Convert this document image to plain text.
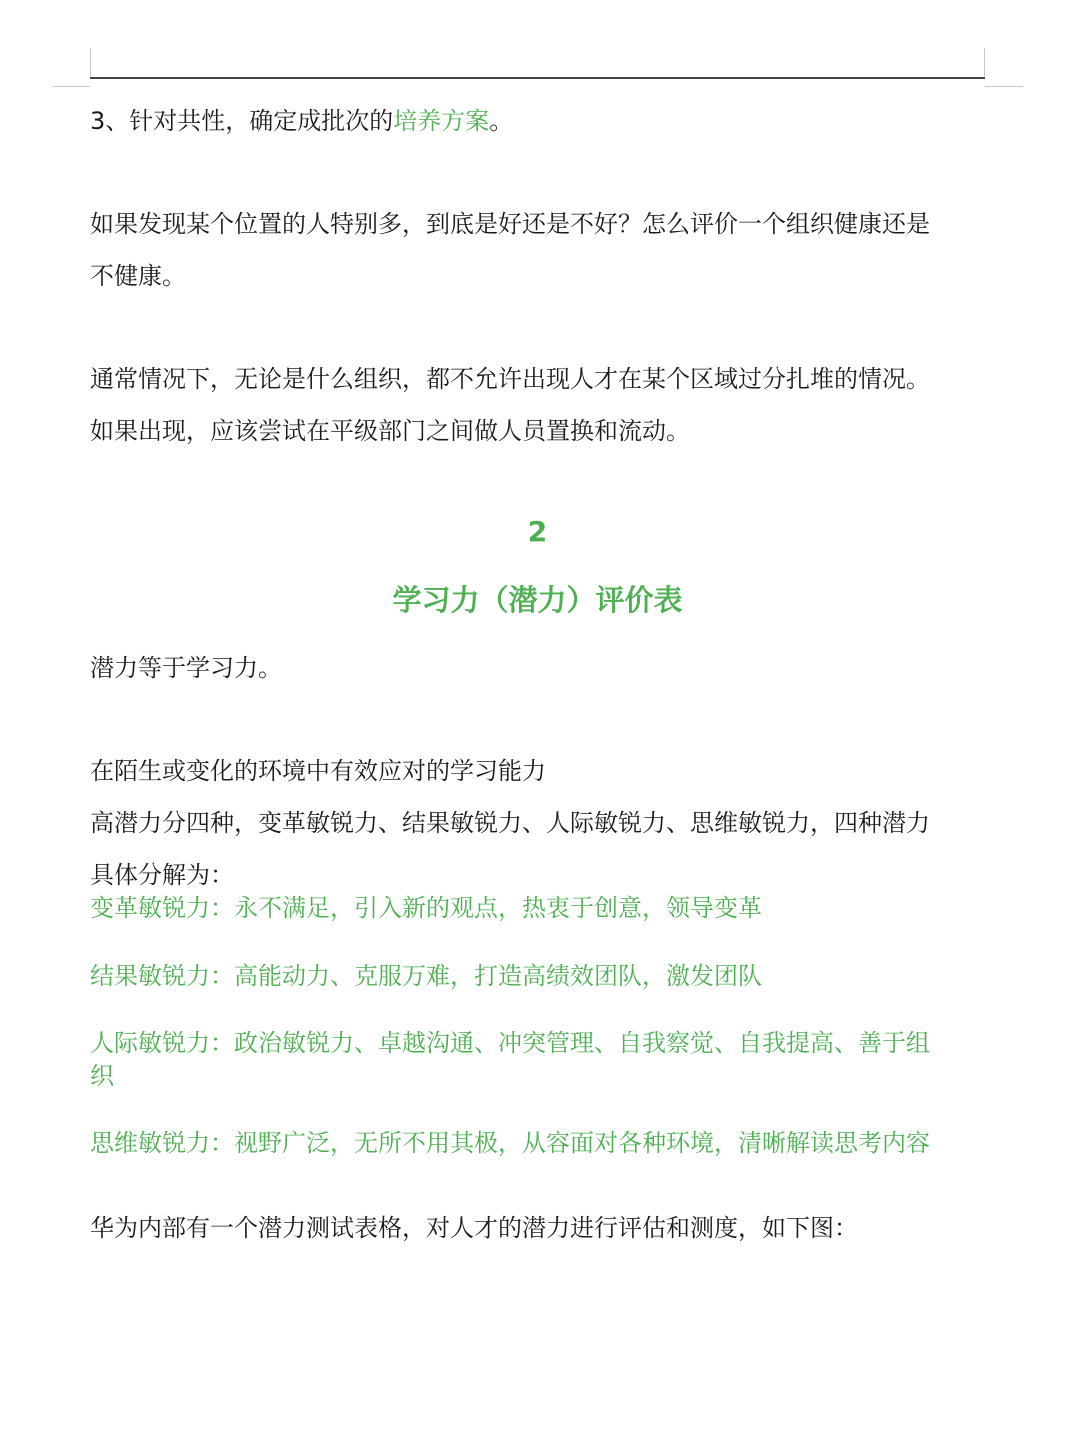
3、针对共性，确定成批次的培养方案。
如果发现某个位置的人特别多，到底是好还是不好？怎么评价一个组织健康还是
不健康。
通常情况下，无论是什么组织，都不允许出现人才在某个区域过分扎堆的情况。
如果出现，应该尝试在平级部门之间做人员置换和流动。
2
学习力（潜力）评价表
潜力等于学习力。
在陌生或变化的环境中有效应对的学习能力
高潜力分四种，变革敏锐力、结果敏锐力、人际敏锐力、思维敏锐力，四种潜力
具体分解为：
变革敏锐力：永不满足，引入新的观点，热衷于创意，领导变革
结果敏锐力：高能动力、克服万难，打造高绩效团队，激发团队
人际敏锐力：政治敏锐力、卓越沟通、冲突管理、自我察觉、自我提高、善于组
织
思维敏锐力：视野广泛，无所不用其极，从容面对各种环境，清晰解读思考内容
华为内部有一个潜力测试表格，对人才的潜力进行评估和测度，如下图：
